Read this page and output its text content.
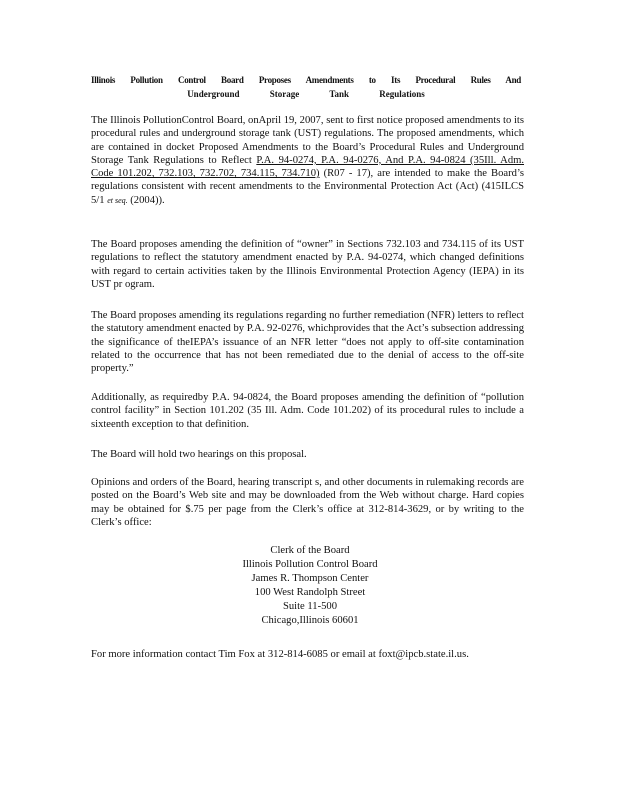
Illinois Pollution Control Board Proposes Amendments to Its Procedural Rules And
Underground Storage Tank Regulations
The Illinois PollutionControl Board, onApril 19, 2007, sent to first notice proposed amendments to its procedural rules and underground storage tank (UST) regulations. The proposed amendments, which are contained in docket Proposed Amendments to the Board’s Procedural Rules and Underground Storage Tank Regulations to Reflect P.A. 94-0274, P.A. 94-0276, And P.A. 94-0824 (35Ill. Adm. Code 101.202, 732.103, 732.702, 734.115, 734.710) (R07 - 17), are intended to make the Board’s regulations consistent with recent amendments to the Environmental Protection Act (Act) (415ILCS 5/1 et seq. (2004)).
The Board proposes amending the definition of “owner” in Sections 732.103 and 734.115 of its UST regulations to reflect the statutory amendment enacted by P.A. 94-0274, which changed definitions with regard to certain activities taken by the Illinois Environmental Protection Agency (IEPA) in its UST pr ogram.
The Board proposes amending its regulations regarding no further remediation (NFR) letters to reflect the statutory amendment enacted by P.A. 92-0276, whichprovides that the Act’s subsection addressing the significance of theIEPA’s issuance of an NFR letter “does not apply to off-site contamination related to the occurrence that has not been remediated due to the denial of access to the off-site property.”
Additionally, as requiredby P.A. 94-0824, the Board proposes amending the definition of “pollution control facility” in Section 101.202 (35 Ill. Adm. Code 101.202) of its procedural rules to include a sixteenth exception to that definition.
The Board will hold two hearings on this proposal.
Opinions and orders of the Board, hearing transcript s, and other documents in rulemaking records are posted on the Board’s Web site and may be downloaded from the Web without charge. Hard copies may be obtained for $.75 per page from the Clerk’s office at 312-814-3629, or by writing to the Clerk’s office:
Clerk of the Board
Illinois Pollution Control Board
James R. Thompson Center
100 West Randolph Street
Suite 11-500
Chicago,Illinois 60601
For more information contact Tim Fox at 312-814-6085 or email at foxt@ipcb.state.il.us.
